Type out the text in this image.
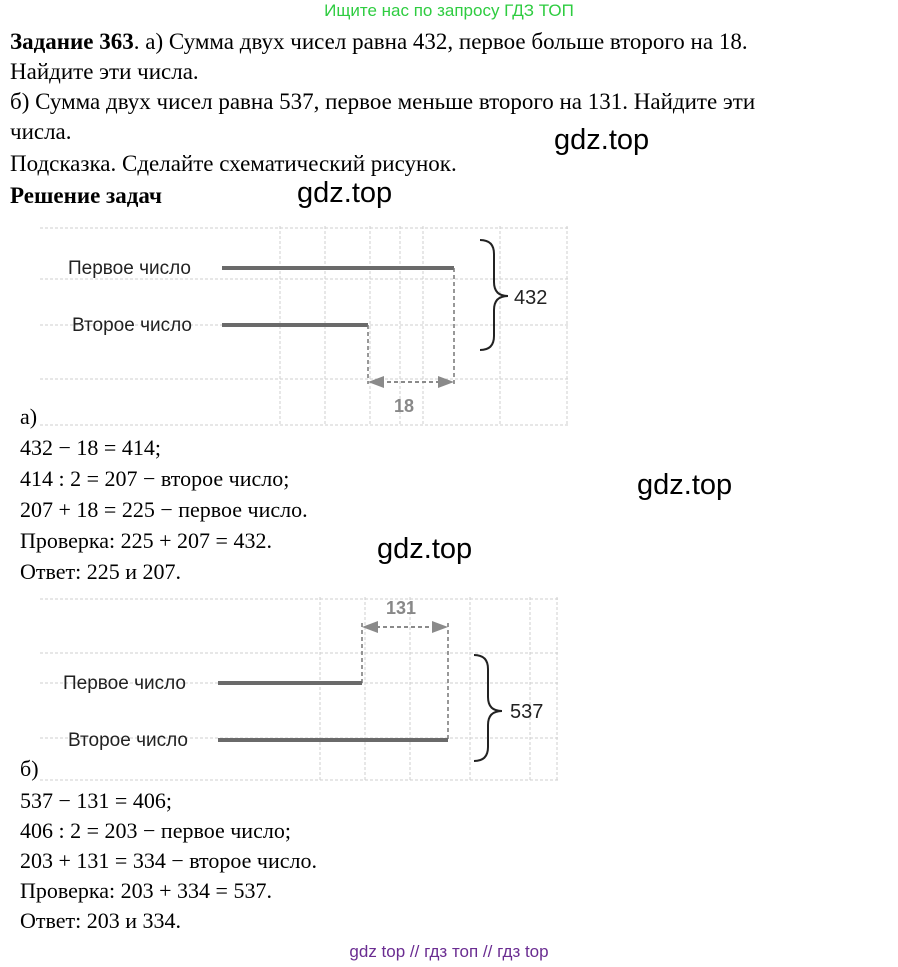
Ищите нас по запросу ГДЗ ТОП
Задание 363. а) Сумма двух чисел равна 432, первое больше второго на 18.
Найдите эти числа.
б) Сумма двух чисел равна 537, первое меньше второго на 131. Найдите эти
числа.
Подсказка. Сделайте схематический рисунок.
Решение задач
gdz.top
gdz.top
gdz.top
gdz.top
Первое число
Второе число
18
432
а)
432 − 18 = 414;
414 : 2 = 207 − второе число;
207 + 18 = 225 − первое число.
Проверка: 225 + 207 = 432.
Ответ: 225 и 207.
131
Первое число
Вторoе число
537
б)
537 − 131 = 406;
406 : 2 = 203 − первое число;
203 + 131 = 334 − второе число.
Проверка: 203 + 334 = 537.
Ответ: 203 и 334.
gdz top // гдз топ // гдз top
